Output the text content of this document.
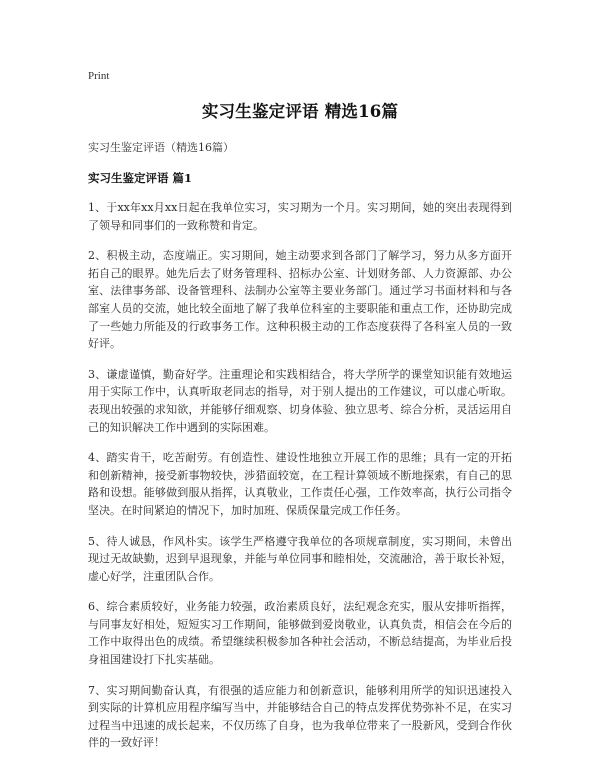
Print
实习生鉴定评语 精选16篇

实习生鉴定评语（精选16篇）

实习生鉴定评语 篇1

1、于xx年xx月xx日起在我单位实习，实习期为一个月。实习期间，她的突出表现得到了领导和同事们的一致称赞和肯定。

2、积极主动，态度端正。实习期间，她主动要求到各部门了解学习，努力从多方面开拓自己的眼界。她先后去了财务管理科、招标办公室、计划财务部、人力资源部、办公室、法律事务部、设备管理科、法制办公室等主要业务部门。通过学习书面材料和与各部室人员的交流，她比较全面地了解了我单位科室的主要职能和重点工作，还协助完成了一些她力所能及的行政事务工作。这种积极主动的工作态度获得了各科室人员的一致好评。

3、谦虚谨慎，勤奋好学。注重理论和实践相结合，将大学所学的课堂知识能有效地运用于实际工作中，认真听取老同志的指导，对于别人提出的工作建议，可以虚心听取。表现出较强的求知欲，并能够仔细观察、切身体验、独立思考、综合分析，灵活运用自己的知识解决工作中遇到的实际困难。

4、踏实肯干，吃苦耐劳。有创造性、建设性地独立开展工作的思维；具有一定的开拓和创新精神，接受新事物较快，涉猎面较宽，在工程计算领域不断地探索，有自己的思路和设想。能够做到服从指挥，认真敬业，工作责任心强，工作效率高，执行公司指令坚决。在时间紧迫的情况下，加时加班、保质保量完成工作任务。

5、待人诚恳，作风朴实。该学生严格遵守我单位的各项规章制度，实习期间，未曾出现过无故缺勤，迟到早退现象，并能与单位同事和睦相处，交流融洽，善于取长补短，虚心好学，注重团队合作。

6、综合素质较好，业务能力较强，政治素质良好，法纪观念充实，服从安排听指挥，与同事友好相处，短短实习工作期间，能够做到爱岗敬业，认真负责，相信会在今后的工作中取得出色的成绩。希望继续积极参加各种社会活动，不断总结提高，为毕业后投身祖国建设打下扎实基础。

7、实习期间勤奋认真，有很强的适应能力和创新意识，能够利用所学的知识迅速投入到实际的计算机应用程序编写当中，并能够结合自己的特点发挥优势弥补不足，在实习过程当中迅速的成长起来，不仅历练了自身，也为我单位带来了一股新风，受到合作伙伴的一致好评！
